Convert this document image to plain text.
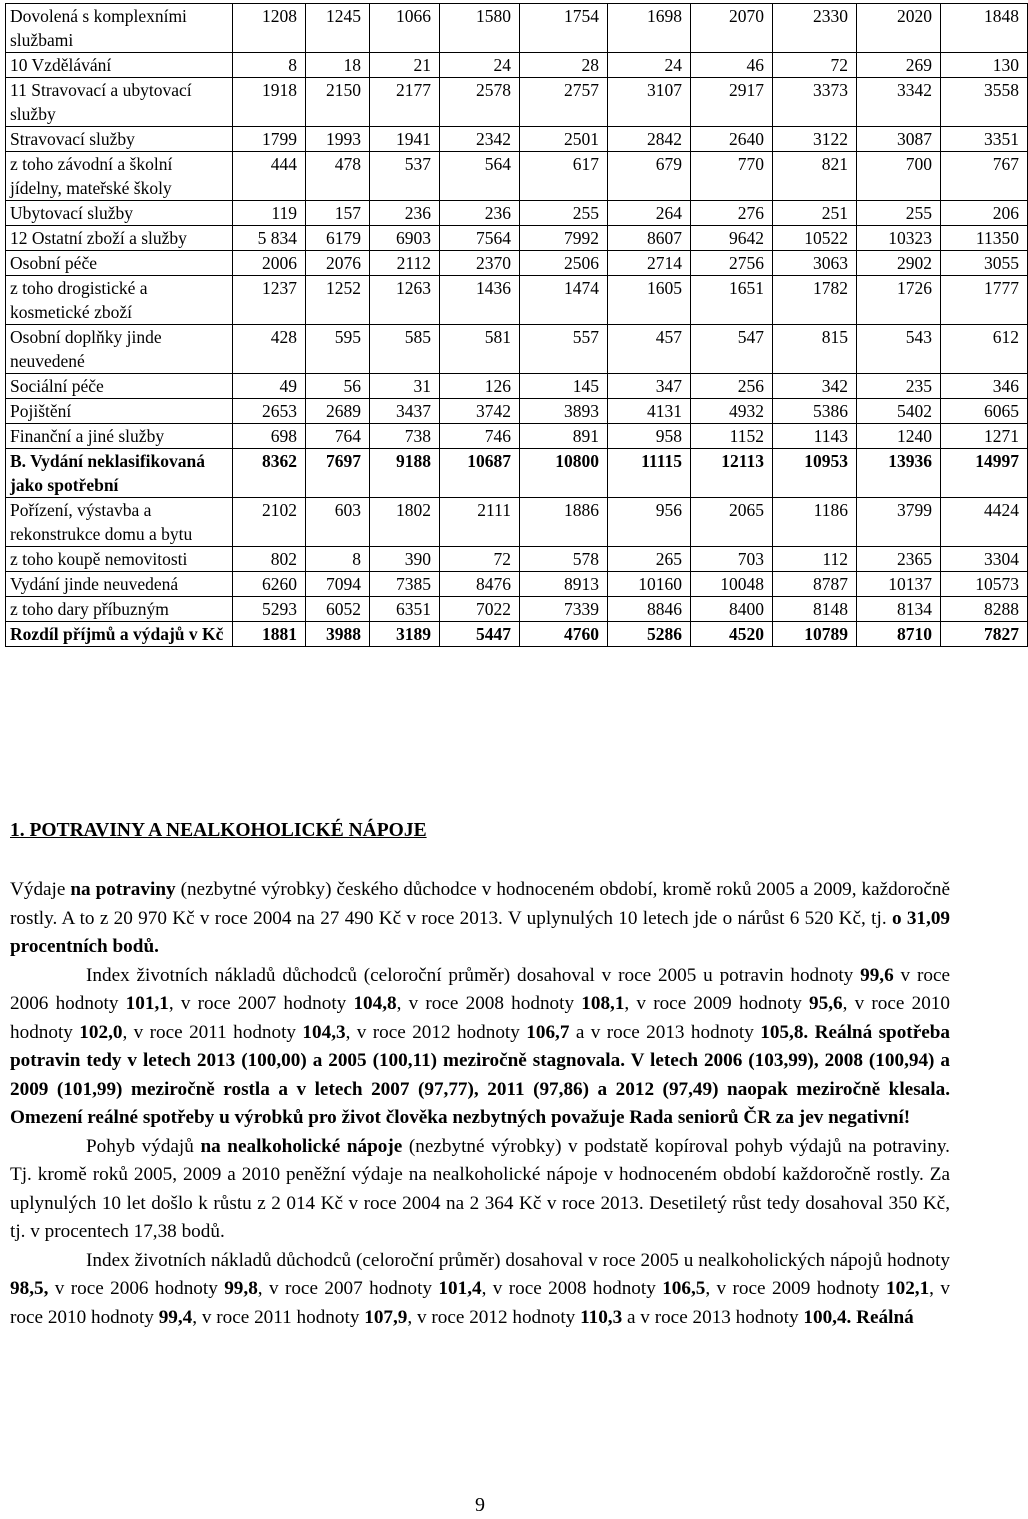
Dovolená s komplexními službami	1208	1245	1066	1580	1754	1698	2070	2330	2020	1848
10 Vzdělávání	8	18	21	24	28	24	46	72	269	130
11 Stravovací a ubytovací služby	1918	2150	2177	2578	2757	3107	2917	3373	3342	3558
Stravovací služby	1799	1993	1941	2342	2501	2842	2640	3122	3087	3351
z toho závodní a školní jídelny, mateřské školy	444	478	537	564	617	679	770	821	700	767
Ubytovací služby	119	157	236	236	255	264	276	251	255	206
12 Ostatní zboží a služby	5 834	6179	6903	7564	7992	8607	9642	10522	10323	11350
Osobní péče	2006	2076	2112	2370	2506	2714	2756	3063	2902	3055
z toho drogistické a kosmetické zboží	1237	1252	1263	1436	1474	1605	1651	1782	1726	1777
Osobní doplňky jinde neuvedené	428	595	585	581	557	457	547	815	543	612
Sociální péče	49	56	31	126	145	347	256	342	235	346
Pojištění	2653	2689	3437	3742	3893	4131	4932	5386	5402	6065
Finanční a jiné služby	698	764	738	746	891	958	1152	1143	1240	1271
B. Vydání neklasifikovaná jako spotřební	8362	7697	9188	10687	10800	11115	12113	10953	13936	14997
Pořízení, výstavba a rekonstrukce domu a bytu	2102	603	1802	2111	1886	956	2065	1186	3799	4424
z toho koupě nemovitosti	802	8	390	72	578	265	703	112	2365	3304
Vydání jinde neuvedená	6260	7094	7385	8476	8913	10160	10048	8787	10137	10573
z toho dary příbuzným	5293	6052	6351	7022	7339	8846	8400	8148	8134	8288
Rozdíl příjmů a výdajů v Kč	1881	3988	3189	5447	4760	5286	4520	10789	8710	7827
1. POTRAVINY A NEALKOHOLICKÉ NÁPOJE

Výdaje na potraviny (nezbytné výrobky) českého důchodce v hodnoceném období, kromě roků 2005 a 2009, každoročně rostly. A to z 20 970 Kč v roce 2004 na 27 490 Kč v roce 2013. V uplynulých 10 letech jde o nárůst 6 520 Kč, tj. o 31,09 procentních bodů.

Index životních nákladů důchodců (celoroční průměr) dosahoval v roce 2005 u potravin hodnoty 99,6 v roce 2006 hodnoty 101,1, v roce 2007 hodnoty 104,8, v roce 2008 hodnoty 108,1, v roce 2009 hodnoty 95,6, v roce 2010 hodnoty 102,0, v roce 2011 hodnoty 104,3, v roce 2012 hodnoty 106,7 a v roce 2013 hodnoty 105,8. Reálná spotřeba potravin tedy v letech 2013 (100,00) a 2005 (100,11) meziročně stagnovala. V letech 2006 (103,99), 2008 (100,94) a 2009 (101,99) meziročně rostla a v letech 2007 (97,77), 2011 (97,86) a 2012 (97,49) naopak meziročně klesala. Omezení reálné spotřeby u výrobků pro život člověka nezbytných považuje Rada seniorů ČR za jev negativní!

Pohyb výdajů na nealkoholické nápoje (nezbytné výrobky) v podstatě kopíroval pohyb výdajů na potraviny. Tj. kromě roků 2005, 2009 a 2010 peněžní výdaje na nealkoholické nápoje v hodnoceném období každoročně rostly. Za uplynulých 10 let došlo k růstu z 2 014 Kč v roce 2004 na 2 364 Kč v roce 2013. Desetiletý růst tedy dosahoval 350 Kč, tj. v procentech 17,38 bodů.

Index životních nákladů důchodců (celoroční průměr) dosahoval v roce 2005 u nealkoholických nápojů hodnoty 98,5, v roce 2006 hodnoty 99,8, v roce 2007 hodnoty 101,4, v roce 2008 hodnoty 106,5, v roce 2009 hodnoty 102,1, v roce 2010 hodnoty 99,4, v roce 2011 hodnoty 107,9, v roce 2012 hodnoty 110,3 a v roce 2013 hodnoty 100,4. Reálná

9
